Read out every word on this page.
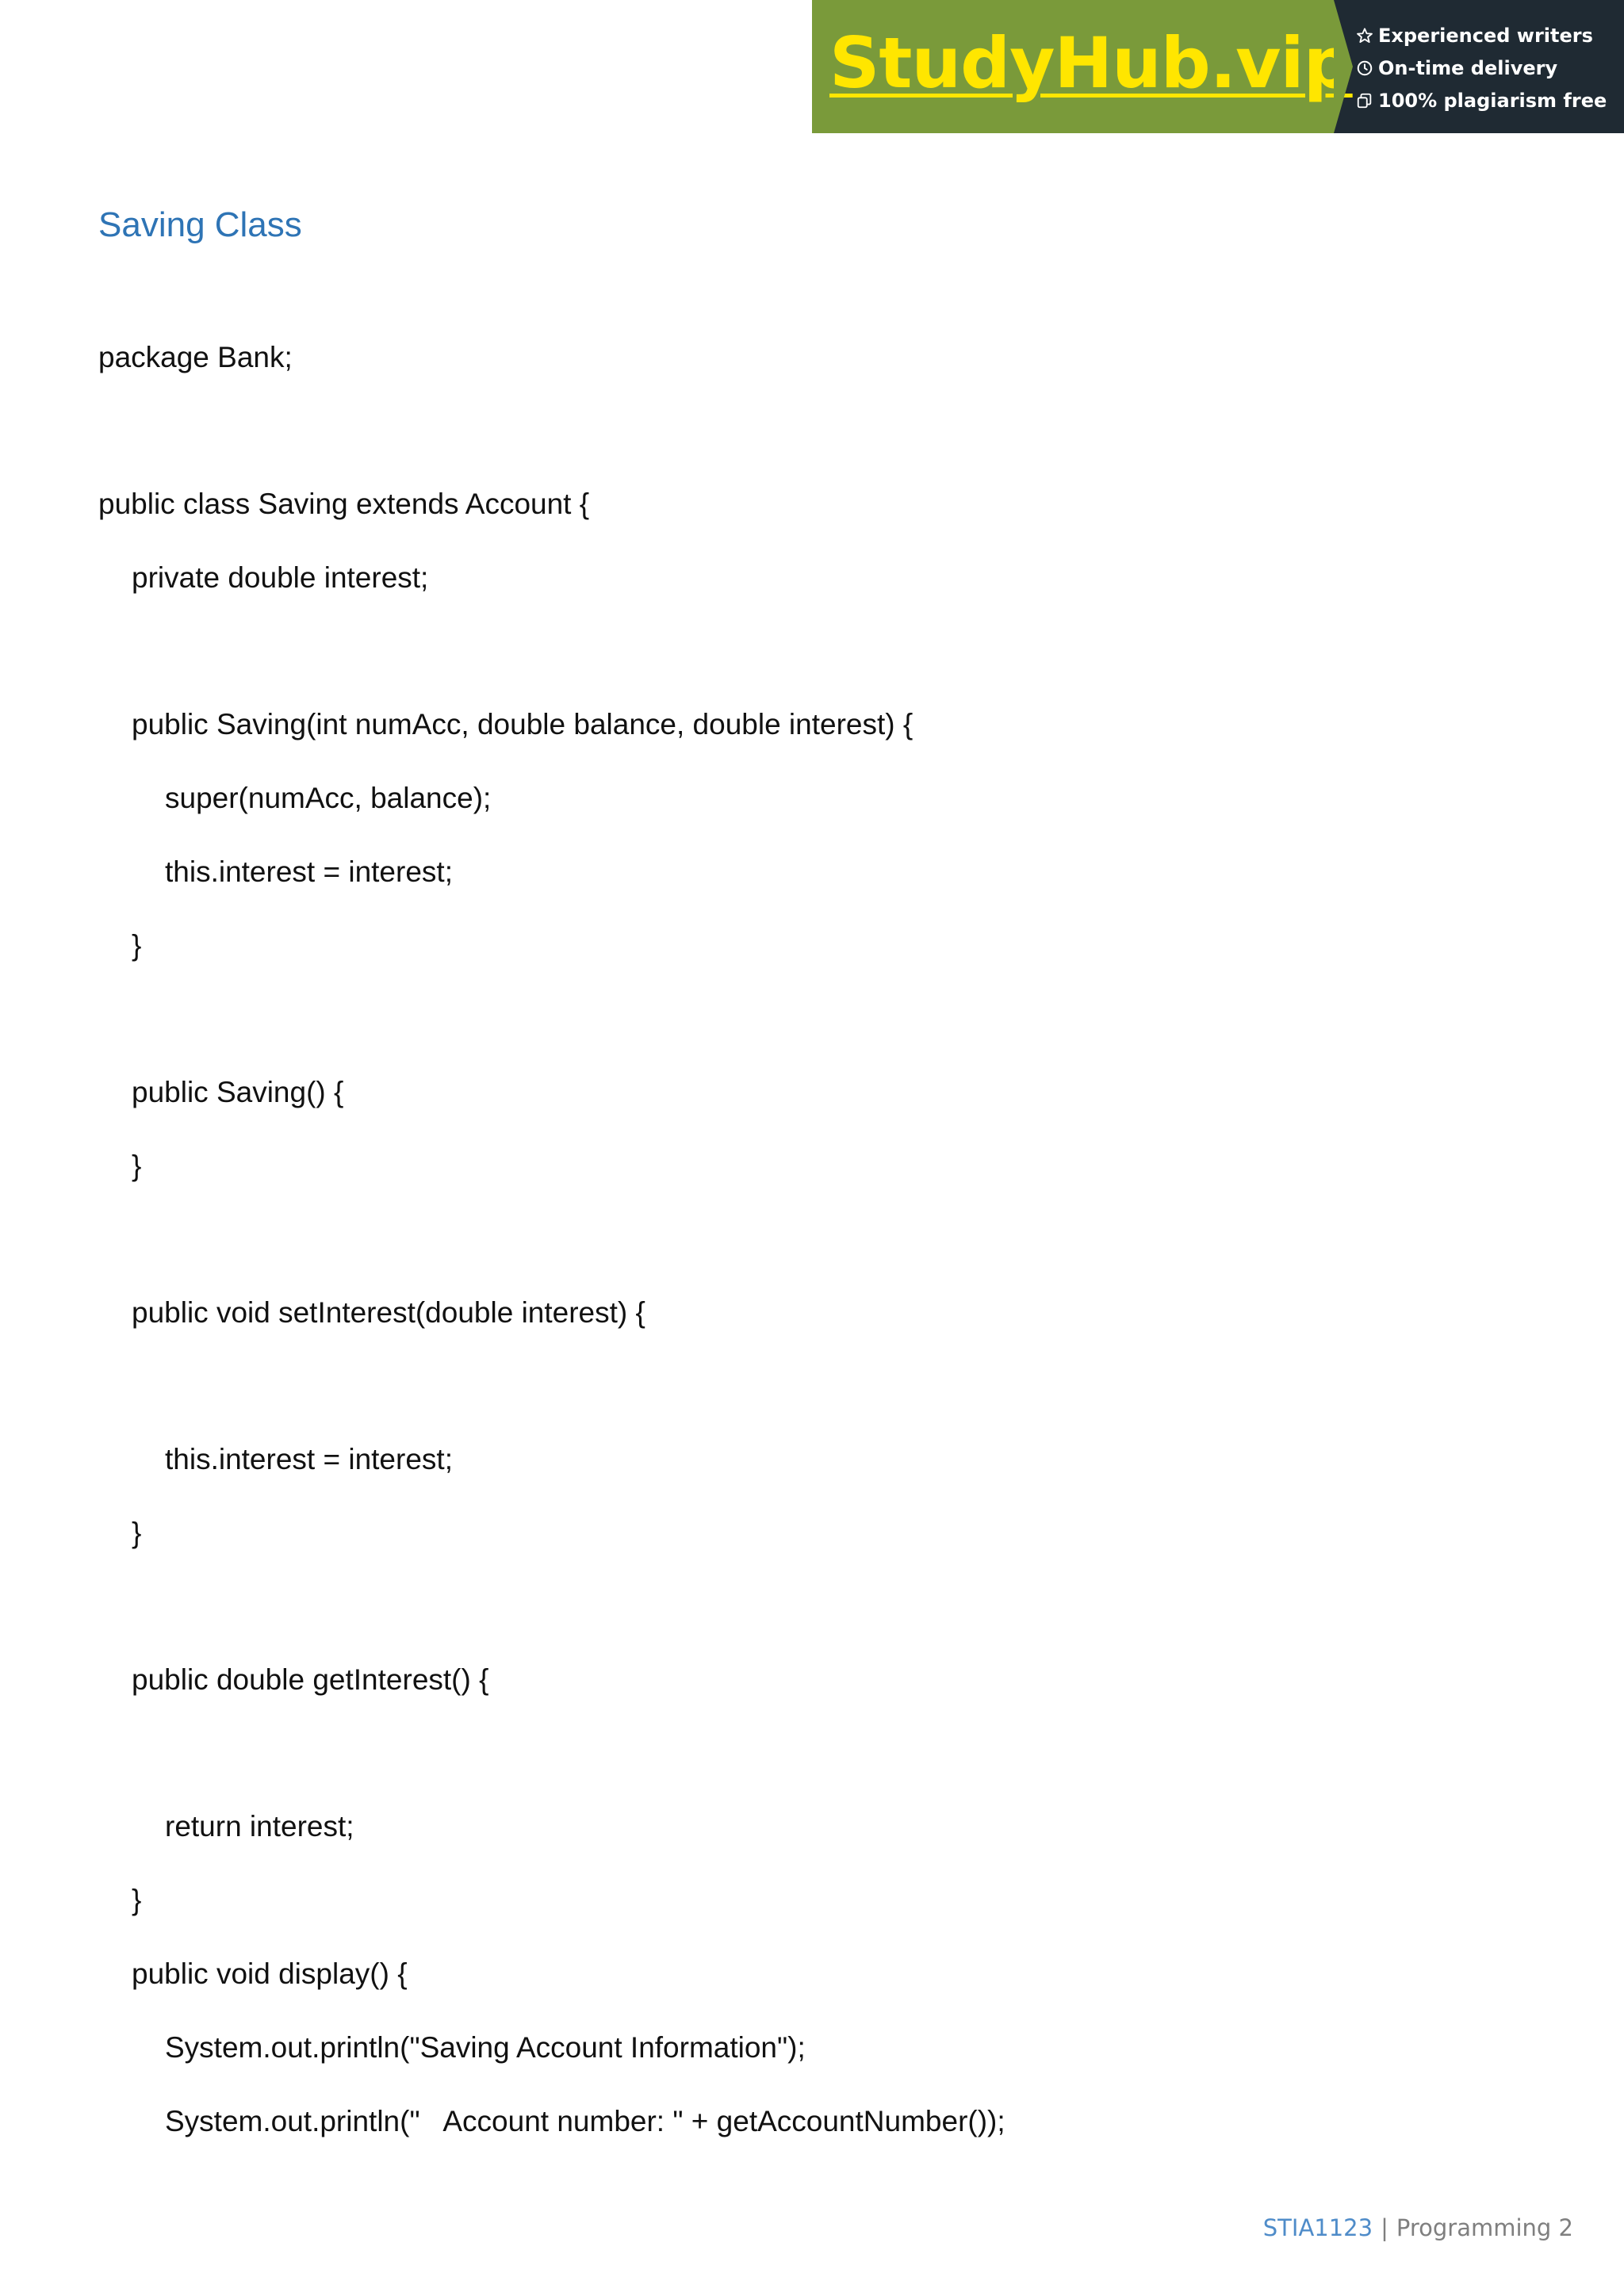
StudyHub.vip Experienced writers
On-time delivery
100% plagiarism free
Saving Class
package Bank;
public class Saving extends Account {
private double interest;
public Saving(int numAcc, double balance, double interest) {
super(numAcc, balance);
this.interest = interest;
}
public Saving() {
}
public void setInterest(double interest) {
this.interest = interest;
}
public double getInterest() {
return interest;
}
public void display() {
System.out.println("Saving Account Information");
System.out.println("   Account number: " + getAccountNumber());
STIA1123 | Programming 2
